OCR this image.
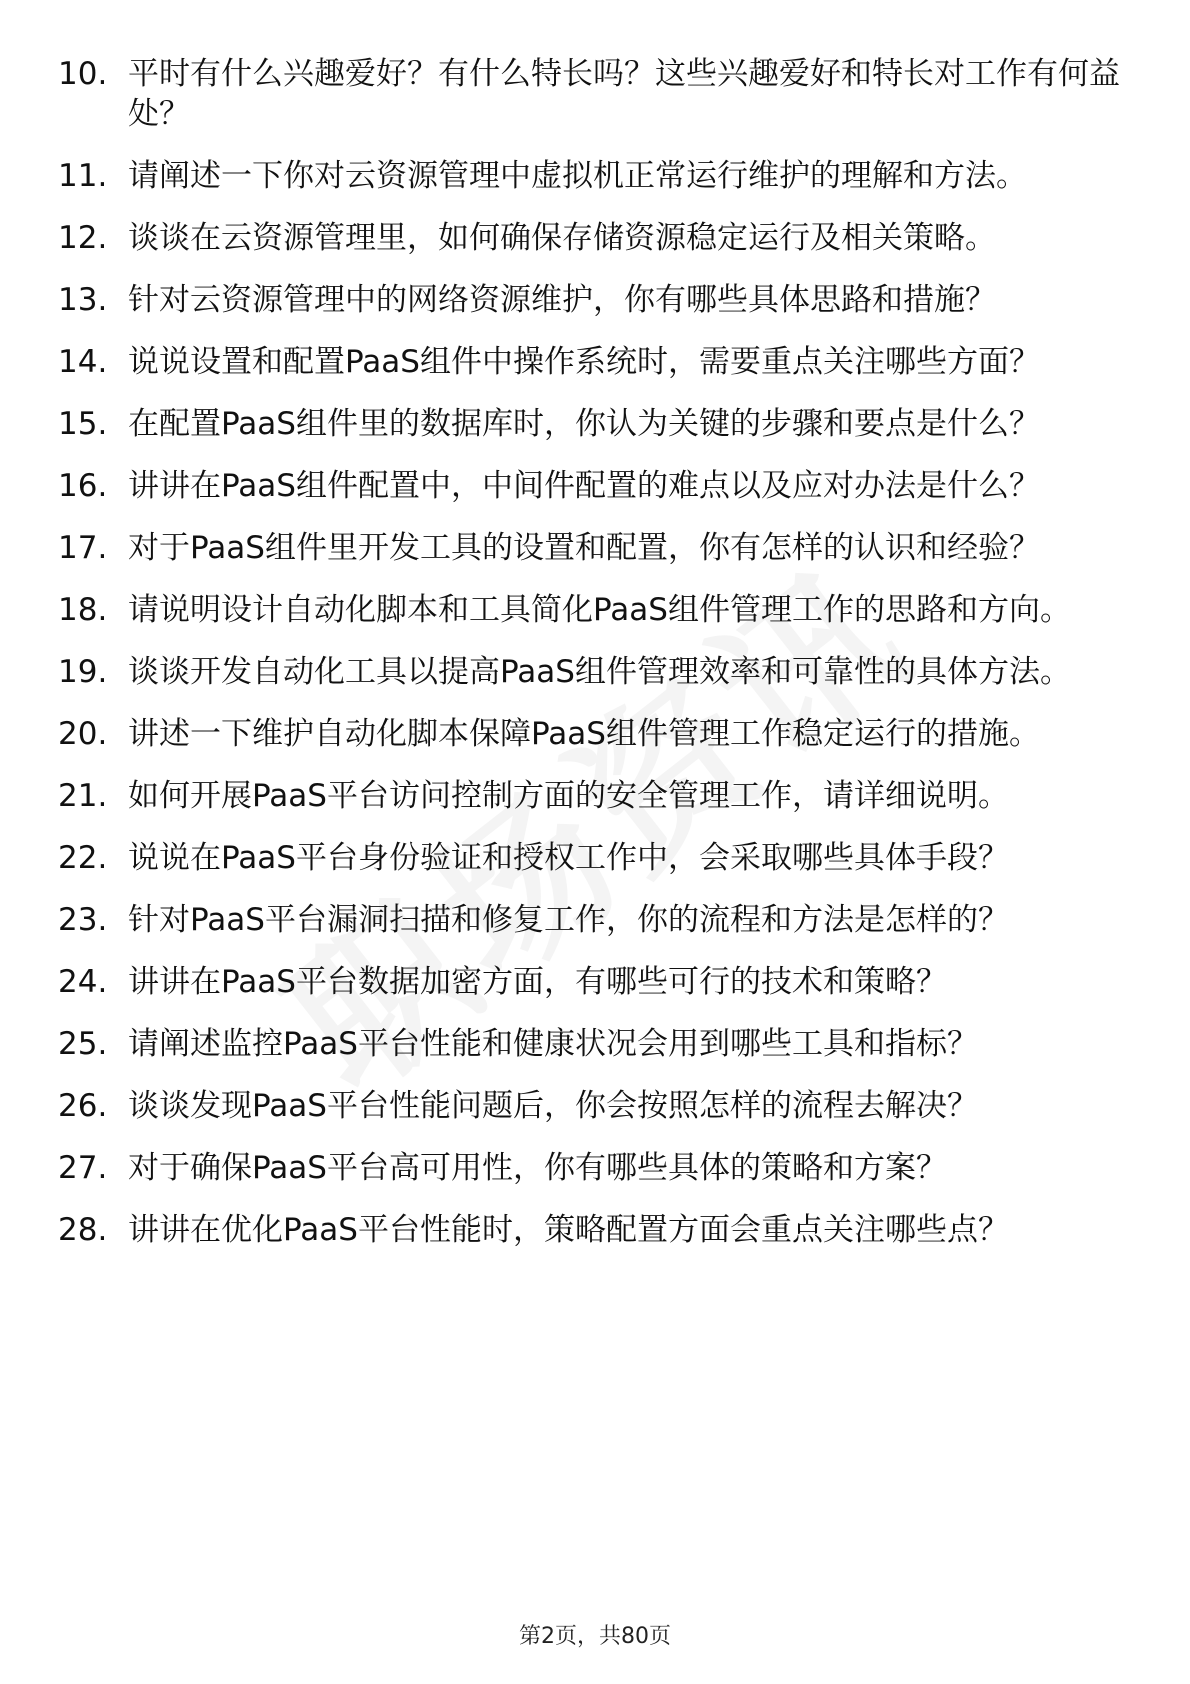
10. 平时有什么兴趣爱好？有什么特长吗？这些兴趣爱好和特长对工作有何益处？
11. 请阐述一下你对云资源管理中虚拟机正常运行维护的理解和方法。
12. 谈谈在云资源管理里，如何确保存储资源稳定运行及相关策略。
13. 针对云资源管理中的网络资源维护，你有哪些具体思路和措施？
14. 说说设置和配置PaaS组件中操作系统时，需要重点关注哪些方面？
15. 在配置PaaS组件里的数据库时，你认为关键的步骤和要点是什么？
16. 讲讲在PaaS组件配置中，中间件配置的难点以及应对办法是什么？
17. 对于PaaS组件里开发工具的设置和配置，你有怎样的认识和经验？
18. 请说明设计自动化脚本和工具简化PaaS组件管理工作的思路和方向。
19. 谈谈开发自动化工具以提高PaaS组件管理效率和可靠性的具体方法。
20. 讲述一下维护自动化脚本保障PaaS组件管理工作稳定运行的措施。
21. 如何开展PaaS平台访问控制方面的安全管理工作，请详细说明。
22. 说说在PaaS平台身份验证和授权工作中，会采取哪些具体手段？
23. 针对PaaS平台漏洞扫描和修复工作，你的流程和方法是怎样的？
24. 讲讲在PaaS平台数据加密方面，有哪些可行的技术和策略？
25. 请阐述监控PaaS平台性能和健康状况会用到哪些工具和指标？
26. 谈谈发现PaaS平台性能问题后，你会按照怎样的流程去解决？
27. 对于确保PaaS平台高可用性，你有哪些具体的策略和方案？
28. 讲讲在优化PaaS平台性能时，策略配置方面会重点关注哪些点？
第2页，共80页
